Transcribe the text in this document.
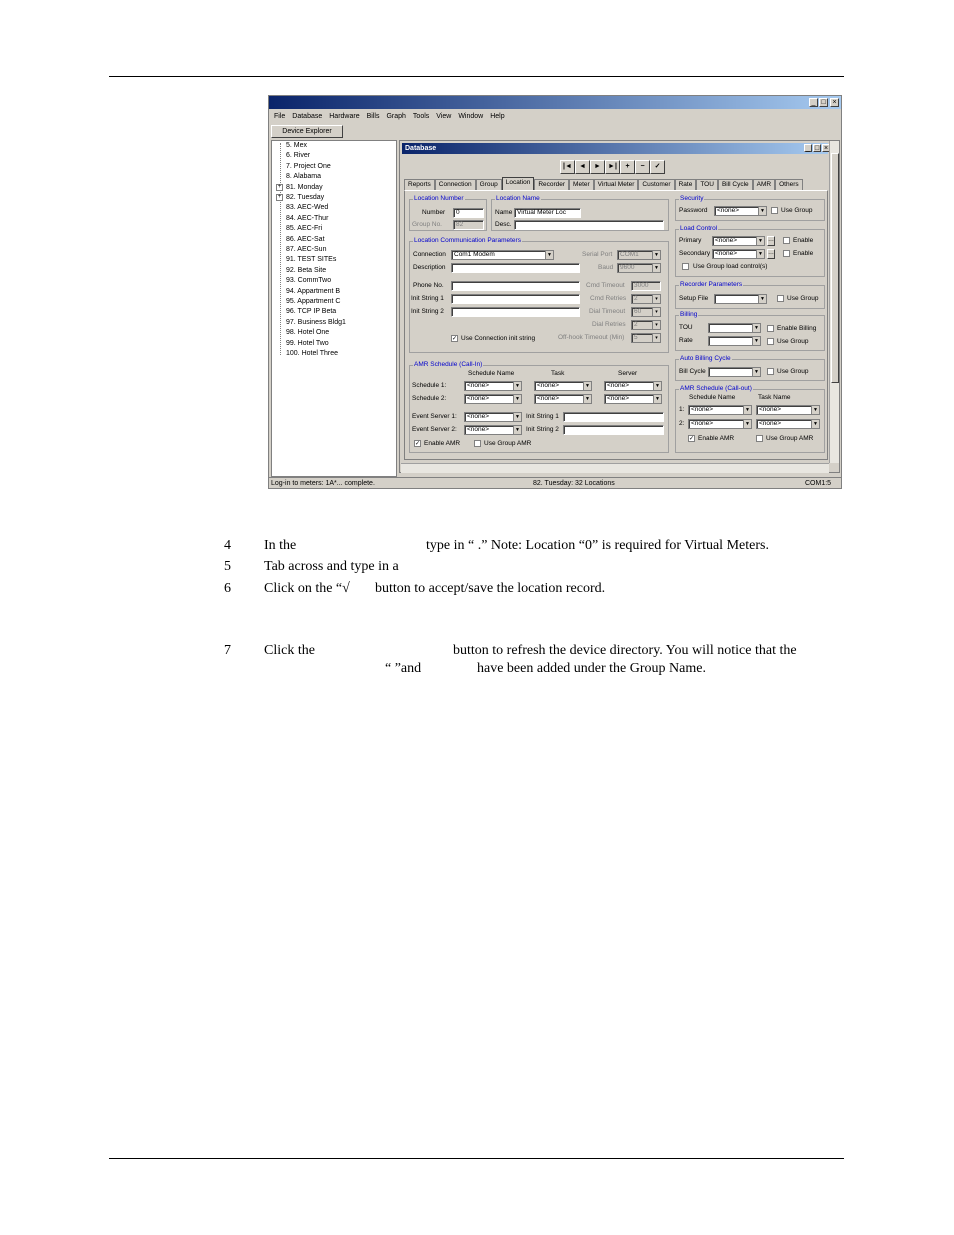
_ □ ×
File Database Hardware Bills Graph Tools View Window Help
Device Explorer
+
+
5. Mex
6. River
7. Project One
8. Alabama
81. Monday
82. Tuesday
83. AEC-Wed
84. AEC-Thur
85. AEC-Fri
86. AEC-Sat
87. AEC-Sun
91. TEST SITEs
92. Beta Site
93. CommTwo
94. Appartment B
95. Appartment C
96. TCP IP Beta
97. Business Bldg1
98. Hotel One
99. Hotel Two
100. Hotel Three
Database	_ □ ×
|◄	◄	►	►|	+	−	✓
Reports	Connection	Group	Location	Recorder	Meter	Virtual Meter	Customer	Rate	TOU	Bill Cycle	AMR	Others
Location Number
Number	0
Group No.	82
Location Name
Name Virtual Meter Loc
Desc.
Location Communication Parameters
Connection	Com1 Modem	▼
Description
Phone No.
Init String 1
Init String 2
Serial Port	COM1	▼
Baud	9600	▼
Cmd Timeout	3000
Cmd Retries	2	▾
Dial Timeout	60	▾
Dial Retries	2	▾
Off-hook Timeout (Min)	5	▾
✓ Use Connection init string
AMR Schedule (Call-In)
Schedule Name	Task	Server
Schedule 1:	<none>	▼	<none>	▼	<none>	▼
Schedule 2:	<none>	▼	<none>	▼	<none>	▼
Event Server 1:	<none>	▼ Init String 1
Event Server 2:	<none>	▼ Init String 2
✓ Enable AMR	Use Group AMR
Security
Password	<none>	▼ Use Group
Load Control
Primary	<none>	▼ …	Enable
Secondary <none>	▼ …	Enable
Use Group load control(s)
Recorder Parameters
Setup File	▼	Use Group
Billing
TOU	▼	Enable Billing
Rate	▼	Use Group
Auto Billing Cycle
Bill Cycle	▼	Use Group
AMR Schedule (Call-out)
Schedule Name	Task Name
1:	<none>	▼	<none>	▼
2:	<none>	▼	<none>	▼
✓ Enable AMR	Use Group AMR
Log-in to meters: 1A*... complete.	82. Tuesday: 32 Locations	COM1:5
4 In the	type in “ .” Note: Location “0” is required for Virtual Meters.
5 Tab across and type in a
6 Click on the “√ button to accept/save the location record.
7 Click the	button to refresh the device directory. You will notice that the
“ ”and	have been added under the Group Name.
